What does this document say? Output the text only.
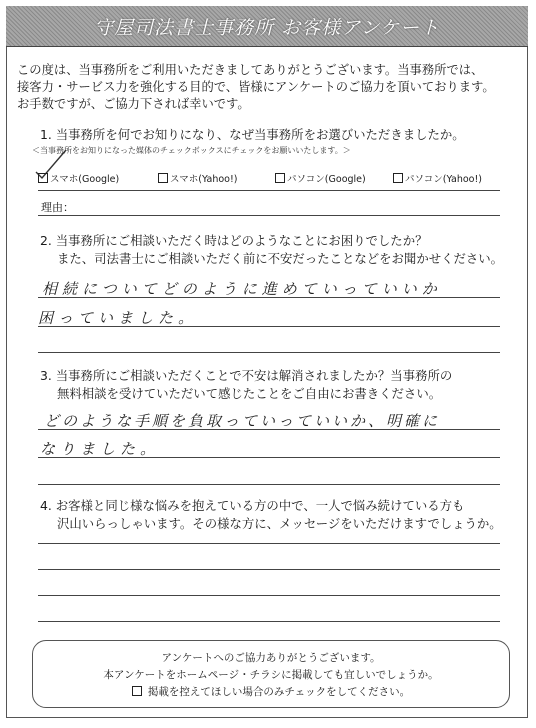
守屋司法書士事務所 お客様アンケート
この度は、当事務所をご利用いただきましてありがとうございます。当事務所では、
接客力・サービス力を強化する目的で、皆様にアンケートのご協力を頂いております。
お手数ですが、ご協力下されば幸いです。
1. 当事務所を何でお知りになり、なぜ当事務所をお選びいただきましたか。
＜当事務所をお知りになった媒体のチェックボックスにチェックをお願いいたします。＞
スマホ(Google)	スマホ(Yahoo!)	パソコン(Google)	パソコン(Yahoo!)
理由：
2. 当事務所にご相談いただく時はどのようなことにお困りでしたか？
また、司法書士にご相談いただく前に不安だったことなどをお聞かせください。
相続についてどのように進めていっていいか
困っていました。
3. 当事務所にご相談いただくことで不安は解消されましたか？当事務所の
無料相談を受けていただいて感じたことをご自由にお書きください。
どのような手順を負取っていっていいか、明確に
なりました。
4. お客様と同じ様な悩みを抱えている方の中で、一人で悩み続けている方も
沢山いらっしゃいます。その様な方に、メッセージをいただけますでしょうか。
アンケートへのご協力ありがとうございます。
本アンケートをホームページ・チラシに掲載しても宜しいでしょうか。
掲載を控えてほしい場合のみチェックをしてください。
